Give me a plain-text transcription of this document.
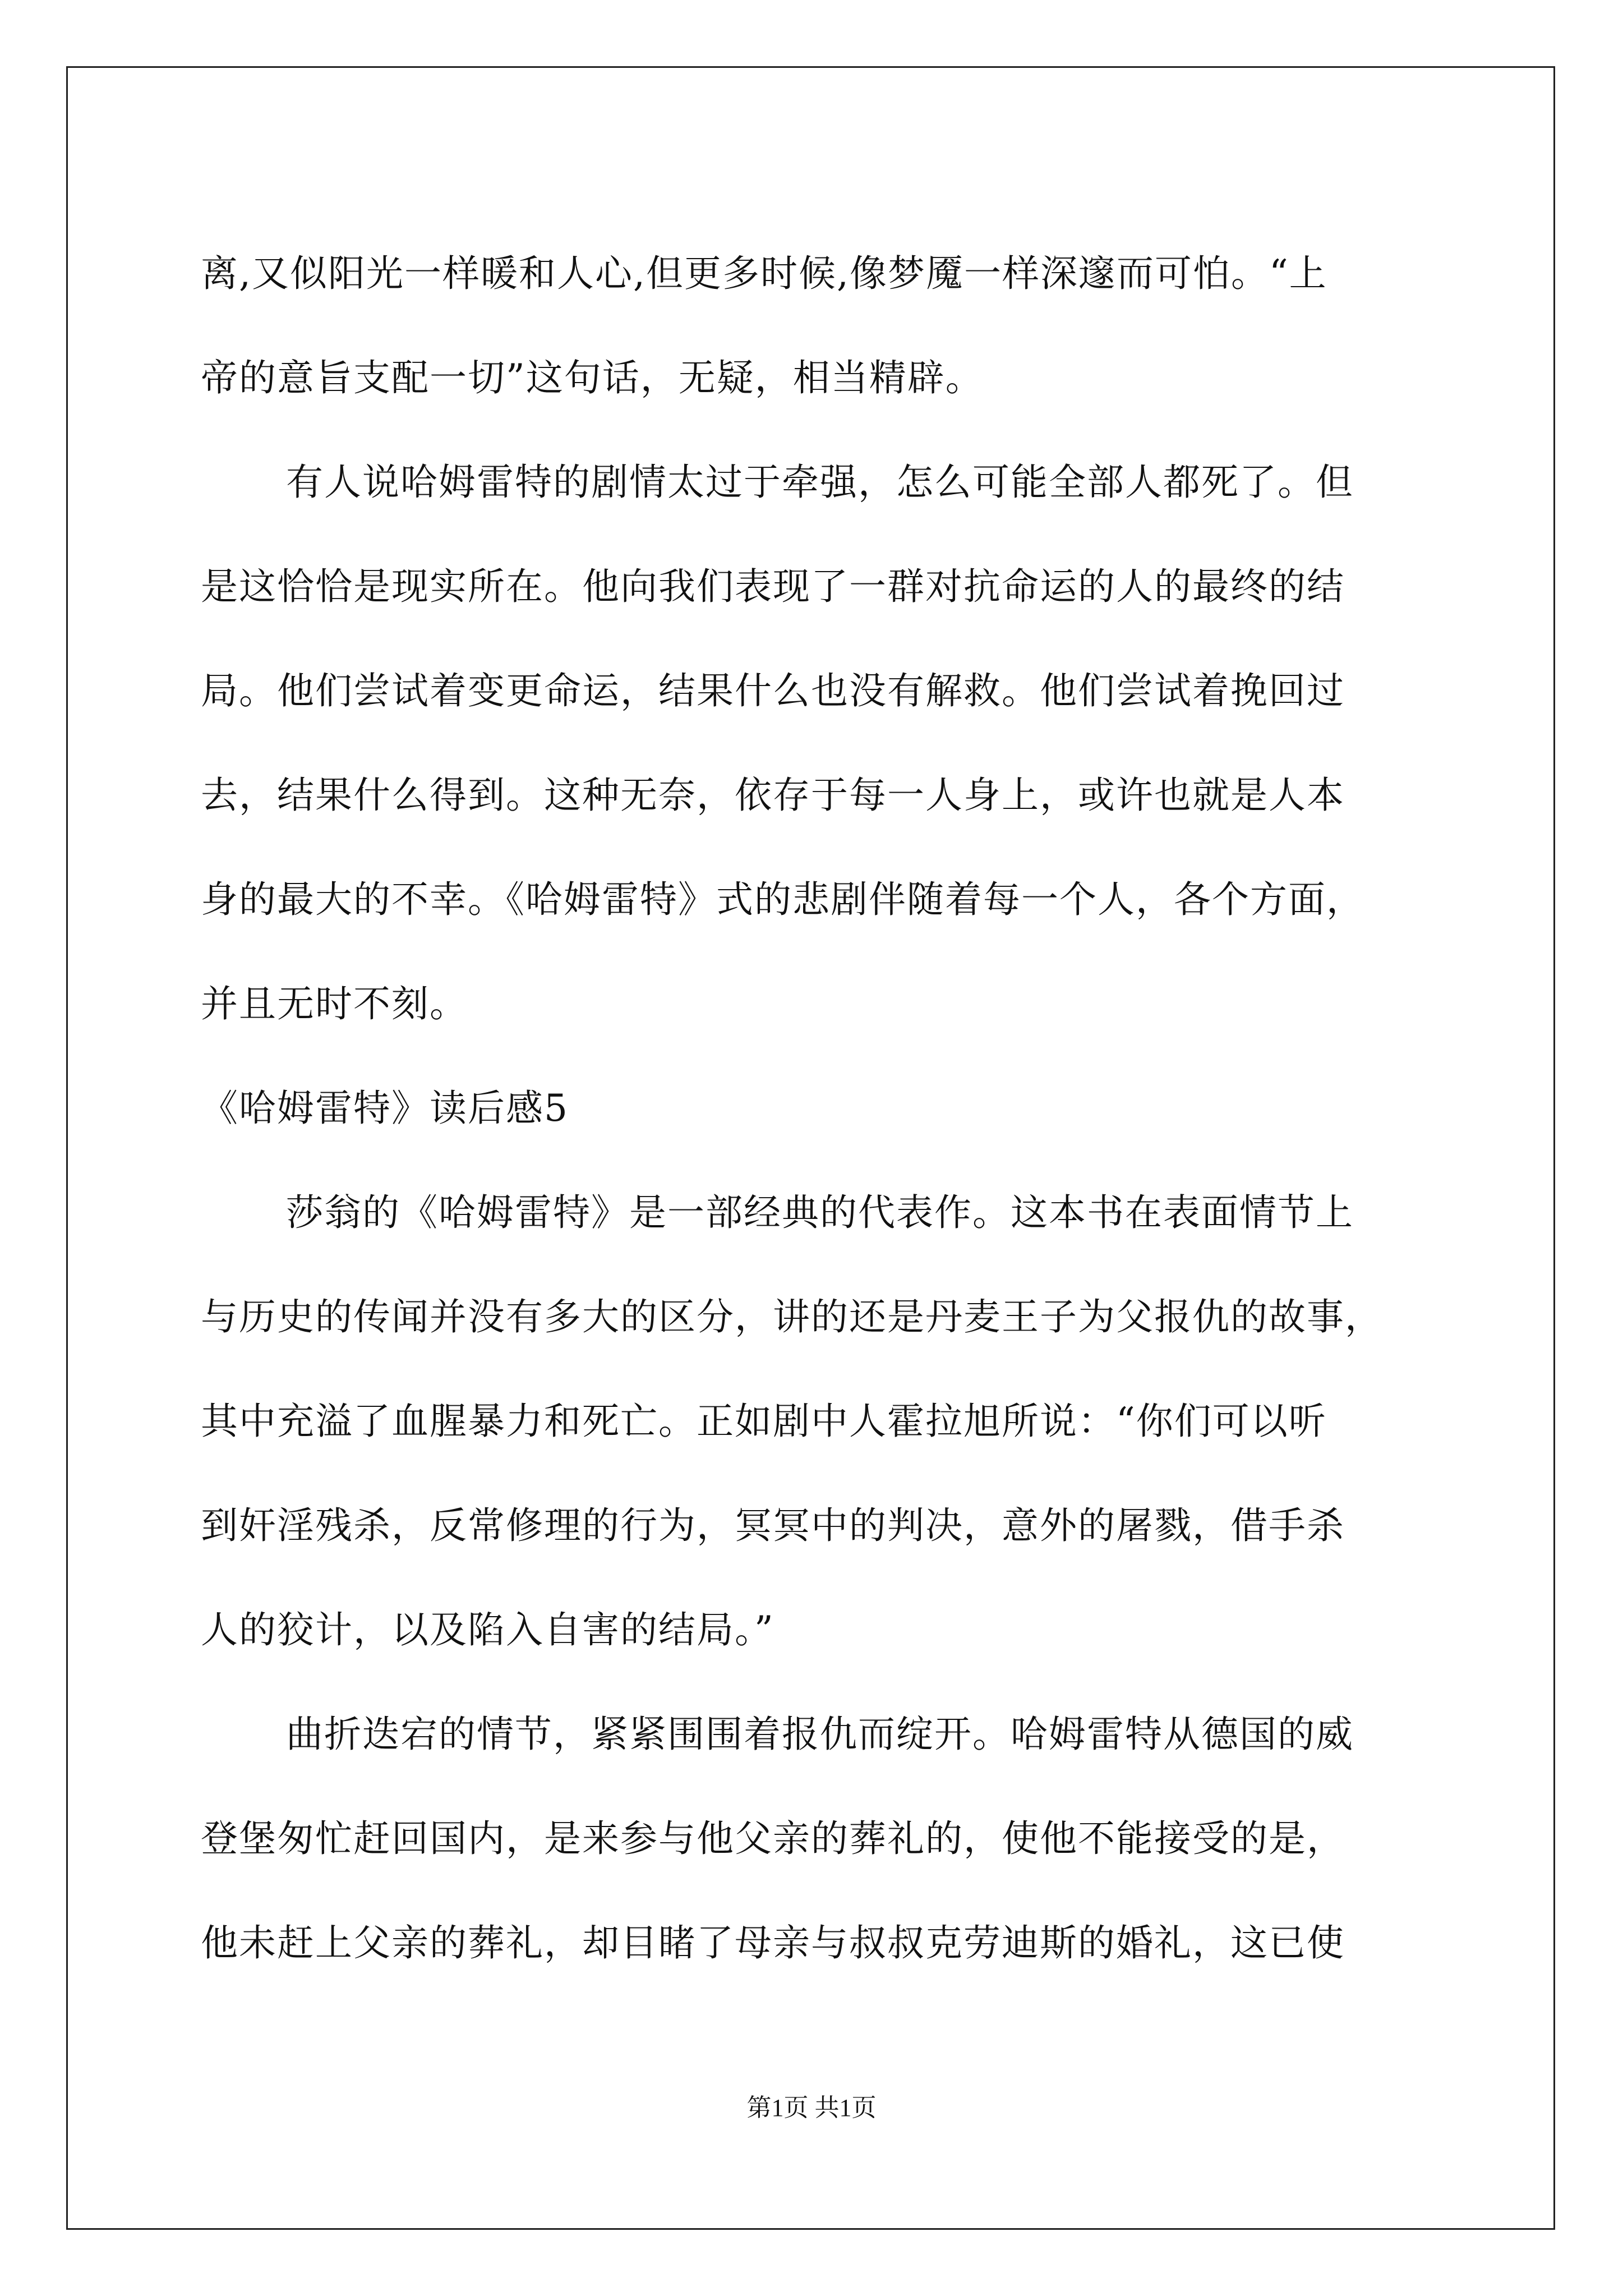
离,又似阳光一样暖和人心,但更多时候,像梦魇一样深邃而可怕。“上
帝的意旨支配一切”这句话，无疑，相当精辟。
有人说哈姆雷特的剧情太过于牵强，怎么可能全部人都死了。但
是这恰恰是现实所在。他向我们表现了一群对抗命运的人的最终的结
局。他们尝试着变更命运，结果什么也没有解救。他们尝试着挽回过
去，结果什么得到。这种无奈，依存于每一人身上，或许也就是人本
身的最大的不幸。《哈姆雷特》式的悲剧伴随着每一个人，各个方面，
并且无时不刻。
《哈姆雷特》读后感5
莎翁的《哈姆雷特》是一部经典的代表作。这本书在表面情节上
与历史的传闻并没有多大的区分，讲的还是丹麦王子为父报仇的故事，
其中充溢了血腥暴力和死亡。正如剧中人霍拉旭所说：“你们可以听
到奸淫残杀，反常修理的行为，冥冥中的判决，意外的屠戮，借手杀
人的狡计，以及陷入自害的结局。”
曲折迭宕的情节，紧紧围围着报仇而绽开。哈姆雷特从德国的威
登堡匆忙赶回国内，是来参与他父亲的葬礼的，使他不能接受的是，
他未赶上父亲的葬礼，却目睹了母亲与叔叔克劳迪斯的婚礼，这已使
第1页 共1页
